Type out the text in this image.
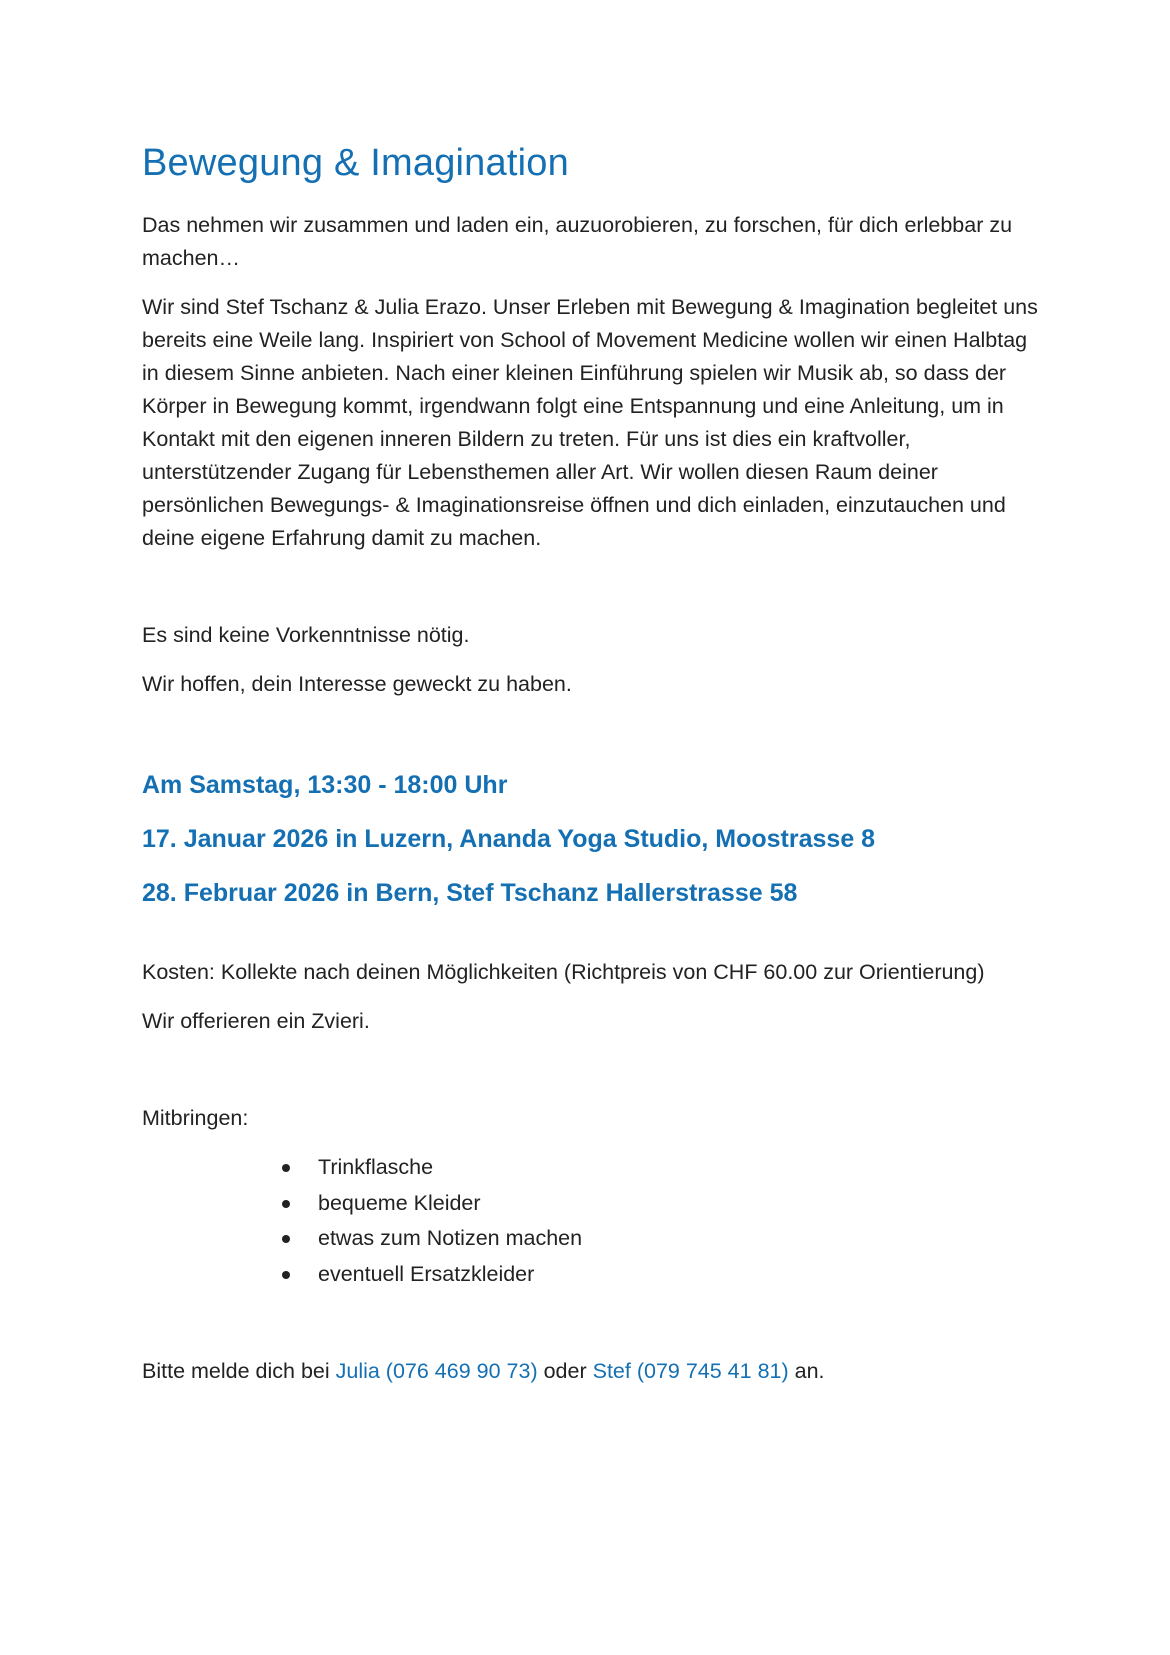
Bewegung & Imagination

Das nehmen wir zusammen und laden ein, auzuorobieren, zu forschen, für dich erlebbar zu machen…

Wir sind Stef Tschanz & Julia Erazo. Unser Erleben mit Bewegung & Imagination begleitet uns bereits eine Weile lang. Inspiriert von School of Movement Medicine wollen wir einen Halbtag in diesem Sinne anbieten. Nach einer kleinen Einführung spielen wir Musik ab, so dass der Körper in Bewegung kommt, irgendwann folgt eine Entspannung und eine Anleitung, um in Kontakt mit den eigenen inneren Bildern zu treten. Für uns ist dies ein kraftvoller, unterstützender Zugang für Lebensthemen aller Art. Wir wollen diesen Raum deiner persönlichen Bewegungs- & Imaginationsreise öffnen und dich einladen, einzutauchen und deine eigene Erfahrung damit zu machen.

Es sind keine Vorkenntnisse nötig.

Wir hoffen, dein Interesse geweckt zu haben.

Am Samstag, 13:30 - 18:00 Uhr
17. Januar 2026 in Luzern, Ananda Yoga Studio, Moostrasse 8
28. Februar 2026 in Bern, Stef Tschanz Hallerstrasse 58

Kosten: Kollekte nach deinen Möglichkeiten (Richtpreis von CHF 60.00 zur Orientierung)

Wir offerieren ein Zvieri.

Mitbringen:

Trinkflasche
bequeme Kleider
etwas zum Notizen machen
eventuell Ersatzkleider

Bitte melde dich bei Julia (076 469 90 73) oder Stef (079 745 41 81) an.
